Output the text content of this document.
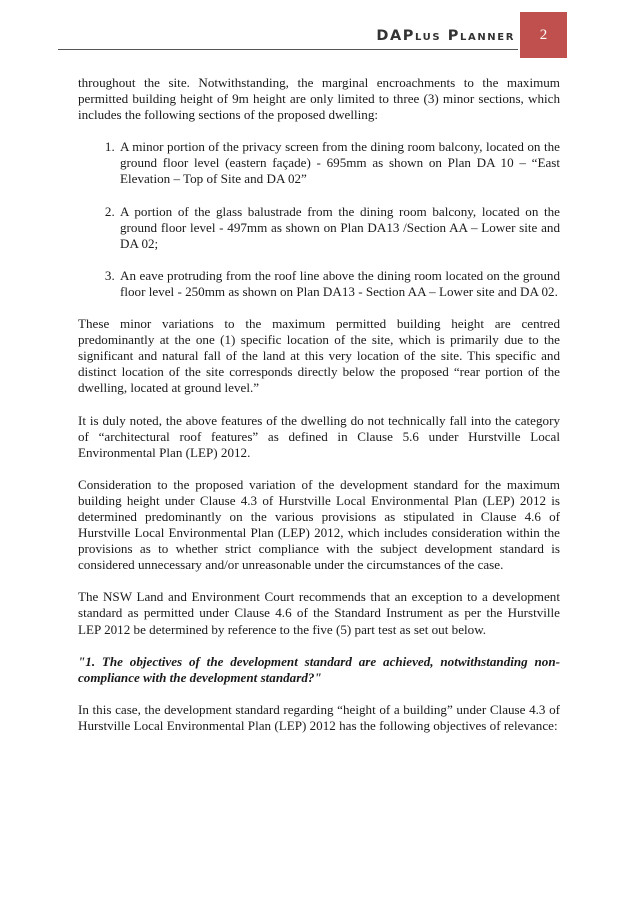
DAPlus Planner	2

throughout the site. Notwithstanding, the marginal encroachments to the maximum permitted building height of 9m height are only limited to three (3) minor sections, which includes the following sections of the proposed dwelling:

1. A minor portion of the privacy screen from the dining room balcony, located on the ground floor level (eastern façade) - 695mm as shown on Plan DA 10 – “East Elevation – Top of Site and DA 02”
2. A portion of the glass balustrade from the dining room balcony, located on the ground floor level - 497mm as shown on Plan DA13 /Section AA – Lower site and DA 02;
3. An eave protruding from the roof line above the dining room located on the ground floor level - 250mm as shown on Plan DA13 - Section AA – Lower site and DA 02.

These minor variations to the maximum permitted building height are centred predominantly at the one (1) specific location of the site, which is primarily due to the significant and natural fall of the land at this very location of the site. This specific and distinct location of the site corresponds directly below the proposed “rear portion of the dwelling, located at ground level.”

It is duly noted, the above features of the dwelling do not technically fall into the category of “architectural roof features” as defined in Clause 5.6 under Hurstville Local Environmental Plan (LEP) 2012.

Consideration to the proposed variation of the development standard for the maximum building height under Clause 4.3 of Hurstville Local Environmental Plan (LEP) 2012 is determined predominantly on the various provisions as stipulated in Clause 4.6 of Hurstville Local Environmental Plan (LEP) 2012, which includes consideration within the provisions as to whether strict compliance with the subject development standard is considered unnecessary and/or unreasonable under the circumstances of the case.

The NSW Land and Environment Court recommends that an exception to a development standard as permitted under Clause 4.6 of the Standard Instrument as per the Hurstville LEP 2012 be determined by reference to the five (5) part test as set out below.

"1. The objectives of the development standard are achieved, notwithstanding non-compliance with the development standard?"

In this case, the development standard regarding “height of a building” under Clause 4.3 of Hurstville Local Environmental Plan (LEP) 2012 has the following objectives of relevance:
